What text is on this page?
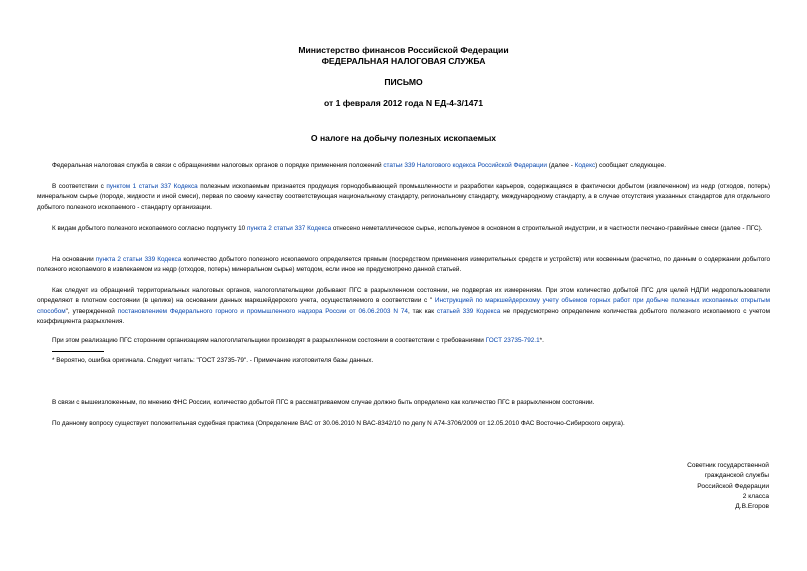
Министерство финансов Российской Федерации
ФЕДЕРАЛЬНАЯ НАЛОГОВАЯ СЛУЖБА
ПИСЬМО
от 1 февраля 2012 года N ЕД-4-3/1471
О налоге на добычу полезных ископаемых

Федеральная налоговая служба в связи с обращениями налоговых органов о порядке применения положений статьи 339 Налогового кодекса Российской Федерации (далее - Кодекс) сообщает следующее.

В соответствии с пунктом 1 статьи 337 Кодекса полезным ископаемым признается продукция горнодобывающей промышленности и разработки карьеров, содержащаяся в фактически добытом (извлеченном) из недр (отходов, потерь) минеральном сырье (породе, жидкости и иной смеси), первая по своему качеству соответствующая национальному стандарту, региональному стандарту, международному стандарту, а в случае отсутствия указанных стандартов для отдельного добытого полезного ископаемого - стандарту организации.

К видам добытого полезного ископаемого согласно подпункту 10 пункта 2 статьи 337 Кодекса отнесено неметаллическое сырье, используемое в основном в строительной индустрии, и в частности песчано-гравийные смеси (далее - ПГС).

На основании пункта 2 статьи 339 Кодекса количество добытого полезного ископаемого определяется прямым (посредством применения измерительных средств и устройств) или косвенным (расчетно, по данным о содержании добытого полезного ископаемого в извлекаемом из недр (отходов, потерь) минеральном сырье) методом, если иное не предусмотрено данной статьей.

Как следует из обращений территориальных налоговых органов, налогоплательщики добывают ПГС в разрыхленном состоянии, не подвергая их измерениям. При этом количество добытой ПГС для целей НДПИ недропользователи определяют в плотном состоянии (в целике) на основании данных маркшейдерского учета, осуществляемого в соответствии с " Инструкцией по маркшейдерскому учету объемов горных работ при добыче полезных ископаемых открытым способом", утвержденной постановлением Федерального горного и промышленного надзора России от 06.06.2003 N 74, так как статьей 339 Кодекса не предусмотрено определение количества добытого полезного ископаемого с учетом коэффициента разрыхления.

При этом реализацию ПГС сторонним организациям налогоплательщики производят в разрыхленном состоянии в соответствии с требованиями ГОСТ 23735-792.1*.

* Вероятно, ошибка оригинала. Следует читать: "ГОСТ 23735-79". - Примечание изготовителя базы данных.

В связи с вышеизложенным, по мнению ФНС России, количество добытой ПГС в рассматриваемом случае должно быть определено как количество ПГС в разрыхленном состоянии.

По данному вопросу существует положительная судебная практика (Определение ВАС от 30.06.2010 N ВАС-8342/10 по делу N А74-3706/2009 от 12.05.2010 ФАС Восточно-Сибирского округа).

Советник государственной
гражданской службы
Российской Федерации
2 класса
Д.В.Егоров
